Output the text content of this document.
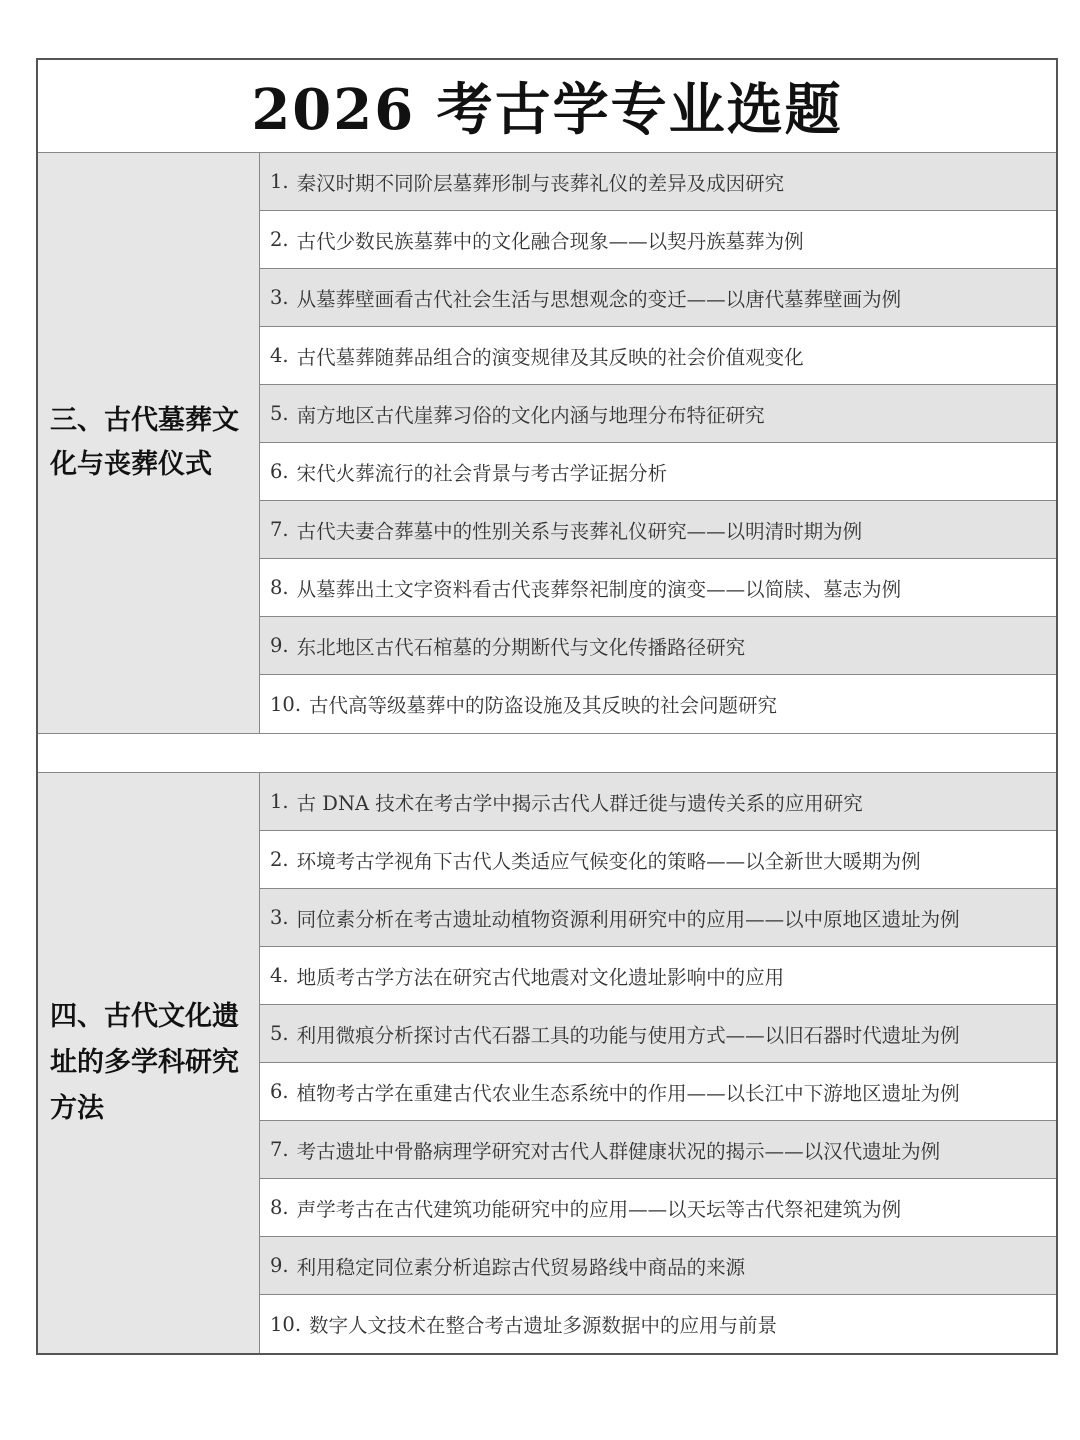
2026 考古学专业选题
三、古代墓葬文化与丧葬仪式
1. 秦汉时期不同阶层墓葬形制与丧葬礼仪的差异及成因研究
2. 古代少数民族墓葬中的文化融合现象——以契丹族墓葬为例
3. 从墓葬壁画看古代社会生活与思想观念的变迁——以唐代墓葬壁画为例
4. 古代墓葬随葬品组合的演变规律及其反映的社会价值观变化
5. 南方地区古代崖葬习俗的文化内涵与地理分布特征研究
6. 宋代火葬流行的社会背景与考古学证据分析
7. 古代夫妻合葬墓中的性别关系与丧葬礼仪研究——以明清时期为例
8. 从墓葬出土文字资料看古代丧葬祭祀制度的演变——以简牍、墓志为例
9. 东北地区古代石棺墓的分期断代与文化传播路径研究
10. 古代高等级墓葬中的防盗设施及其反映的社会问题研究
四、古代文化遗址的多学科研究方法
1. 古 DNA 技术在考古学中揭示古代人群迁徙与遗传关系的应用研究
2. 环境考古学视角下古代人类适应气候变化的策略——以全新世大暖期为例
3. 同位素分析在考古遗址动植物资源利用研究中的应用——以中原地区遗址为例
4. 地质考古学方法在研究古代地震对文化遗址影响中的应用
5. 利用微痕分析探讨古代石器工具的功能与使用方式——以旧石器时代遗址为例
6. 植物考古学在重建古代农业生态系统中的作用——以长江中下游地区遗址为例
7. 考古遗址中骨骼病理学研究对古代人群健康状况的揭示——以汉代遗址为例
8. 声学考古在古代建筑功能研究中的应用——以天坛等古代祭祀建筑为例
9. 利用稳定同位素分析追踪古代贸易路线中商品的来源
10. 数字人文技术在整合考古遗址多源数据中的应用与前景
